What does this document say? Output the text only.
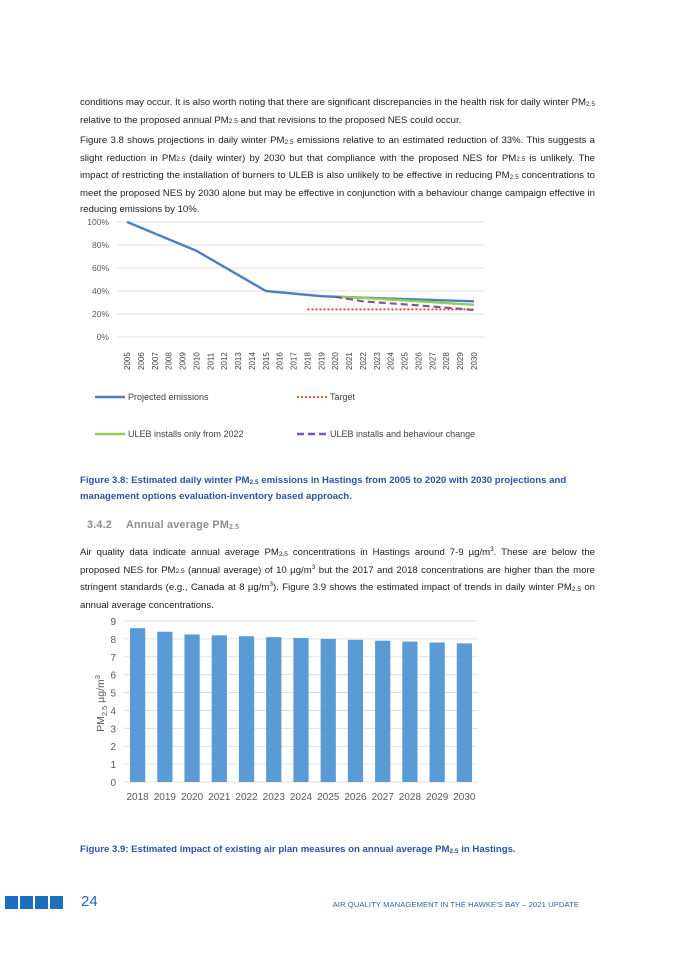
conditions may occur. It is also worth noting that there are significant discrepancies in the health risk for daily winter $PM_{2.5}$ relative to the proposed annual $PM_{2.5}$ and that revisions to the proposed NES could occur.

Figure 3.8 shows projections in daily winter $PM_{2.5}$ emissions relative to an estimated reduction of 33%. This suggests a slight reduction in $PM_{2.5}$ (daily winter) by 2030 but that compliance with the proposed NES for $PM_{2.5}$ is unlikely. The impact of restricting the installation of burners to ULEB is also unlikely to be effective in reducing $PM_{2.5}$ concentrations to meet the proposed NES by 2030 alone but may be effective in conjunction with a behaviour change campaign effective in reducing emissions by 10%.

0%
20%
40%
60%
80%
100%
2005 2006 2007 2008 2009 2010 2011 2012 2013 2014 2015 2016 2017 2018 2019 2020 2021 2022 2023 2024 2025 2026 2027 2028 2029 2030
Projected emissions	Target
ULEB installs only from 2022	ULEB installs and behaviour change

Figure 3.8: Estimated daily winter $PM_{2.5}$ emissions in Hastings from 2005 to 2020 with 2030 projections and management options evaluation-inventory based approach.

3.4.2 Annual average $PM_{2.5}$

Air quality data indicate annual average $PM_{2.5}$ concentrations in Hastings around 7-9 $\mu g/m^3$. These are below the proposed NES for $PM_{2.5}$ (annual average) of 10 $\mu g/m^3$ but the 2017 and 2018 concentrations are higher than the more stringent standards (e.g., Canada at 8 $\mu g/m^3$). Figure 3.9 shows the estimated impact of trends in daily winter $PM_{2.5}$ on annual average concentrations.

0
1
2
3
4
5
6
7
8
9
2018 2019 2020 2021 2022 2023 2024 2025 2026 2027 2028 2029 2030
$PM_{2.5}$ $\mu g/m^3$

Figure 3.9: Estimated impact of existing air plan measures on annual average $PM_{2.5}$ in Hastings.

24	AIR QUALITY MANAGEMENT IN THE HAWKE'S BAY – 2021 UPDATE
